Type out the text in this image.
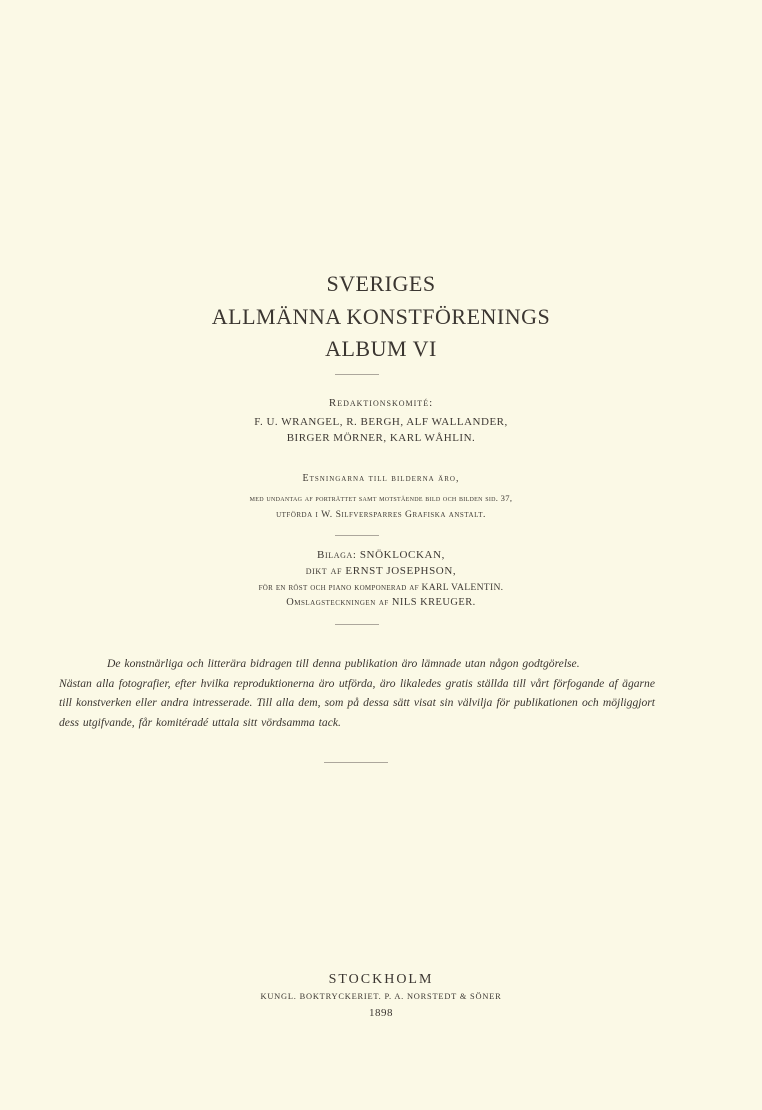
SVERIGES
ALLMÄNNA KONSTFÖRENINGS
ALBUM VI
Redaktionskomité:
F. U. WRANGEL, R. BERGH, ALF WALLANDER,
BIRGER MÖRNER, KARL WÅHLIN.
Etsningarna till bilderna äro,
med undantag af porträttet samt motstående bild och bilden sid. 37,
utförda i W. Silfversparres Grafiska anstalt.
Bilaga: SNÖKLOCKAN,
dikt af ERNST JOSEPHSON,
för en röst och piano komponerad af KARL VALENTIN.
Omslagsteckningen af NILS KREUGER.
De konstnärliga och litterära bidragen till denna publikation äro lämnade utan någon godtgörelse.
Nästan alla fotografier, efter hvilka reproduktionerna äro utförda, äro likaledes gratis ställda till vårt förfogande af ägarne till konstverken eller andra intresserade. Till alla dem, som på dessa sätt visat sin välvilja för publikationen och möjliggjort dess utgifvande, får komitéradé uttala sitt vördsamma tack.
STOCKHOLM
KUNGL. BOKTRYCKERIET. P. A. NORSTEDT & SÖNER
1898
